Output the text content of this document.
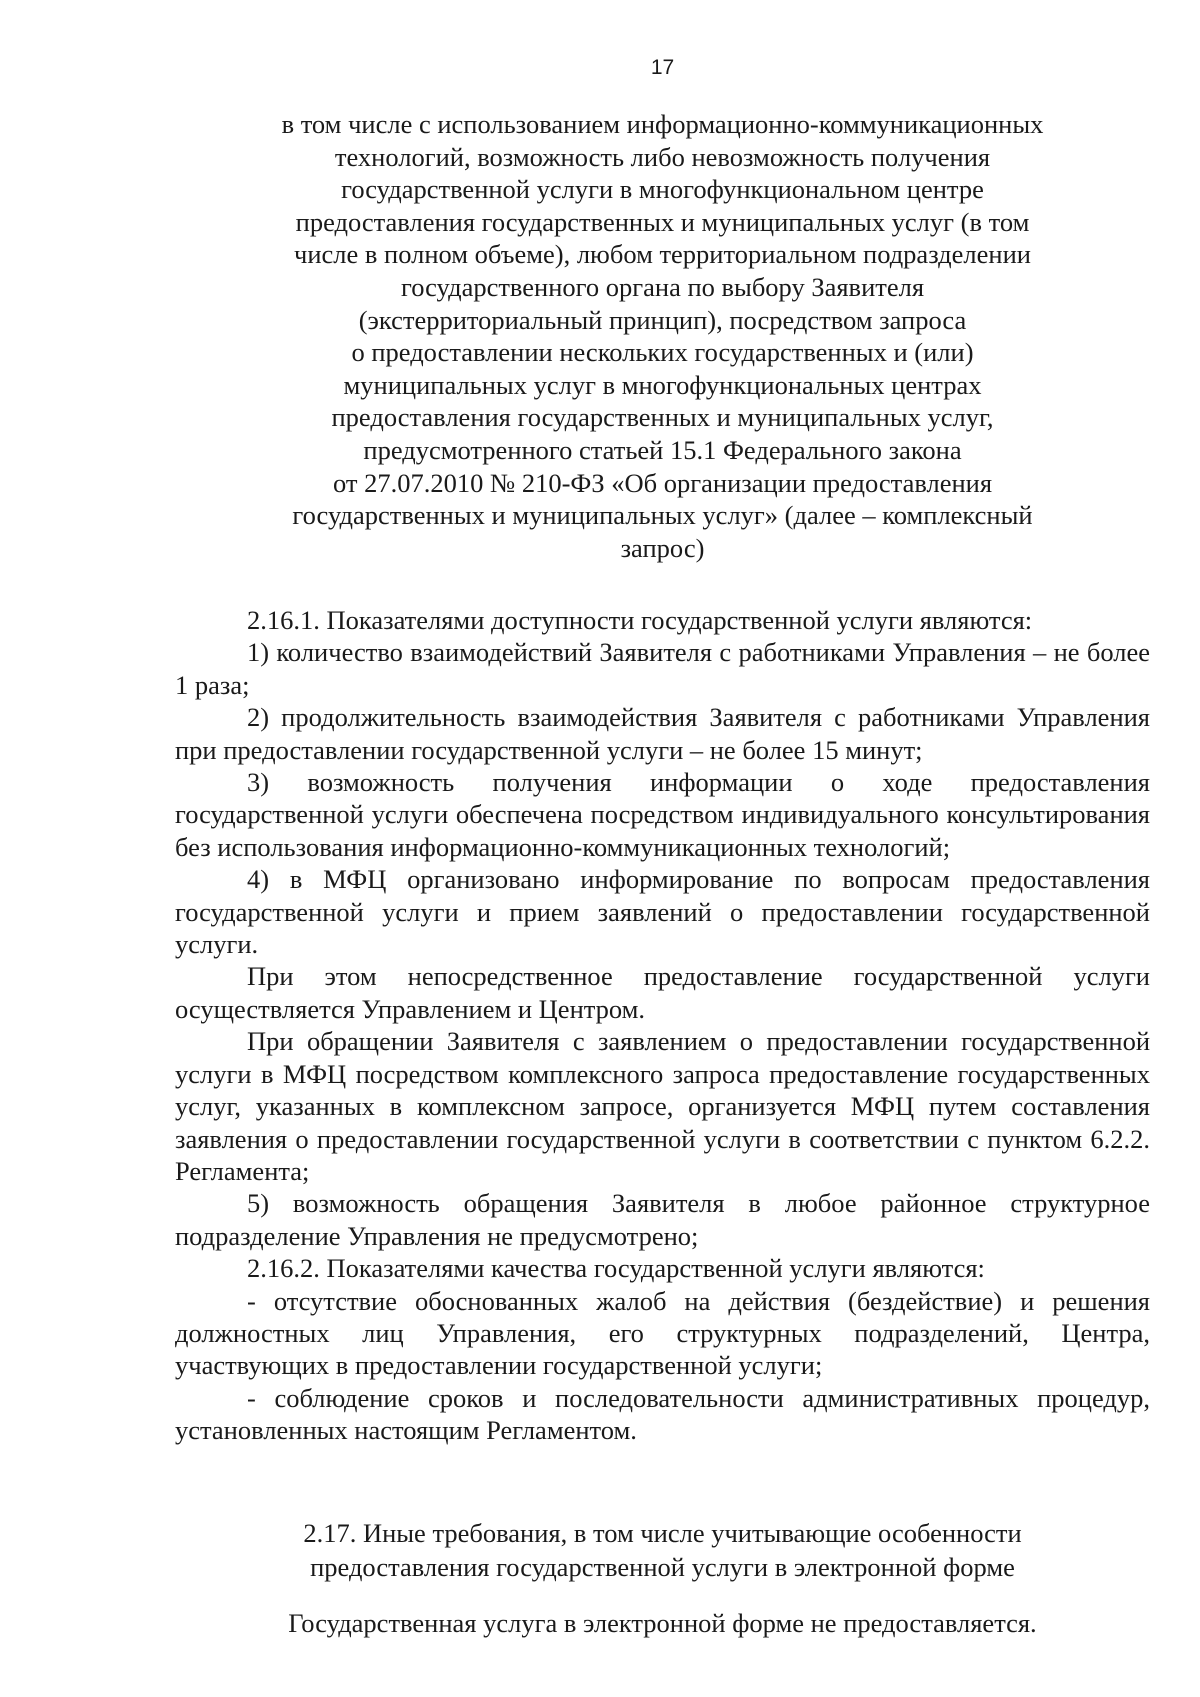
17
в том числе с использованием информационно-коммуникационных
технологий, возможность либо невозможность получения
государственной услуги в многофункциональном центре
предоставления государственных и муниципальных услуг (в том
числе в полном объеме), любом территориальном подразделении
государственного органа по выбору Заявителя
(экстерриториальный принцип), посредством запроса
о предоставлении нескольких государственных и (или)
муниципальных услуг в многофункциональных центрах
предоставления государственных и муниципальных услуг,
предусмотренного статьей 15.1 Федерального закона
от 27.07.2010 № 210-ФЗ «Об организации предоставления
государственных и муниципальных услуг» (далее – комплексный
запрос)

2.16.1. Показателями доступности государственной услуги являются:

1) количество взаимодействий Заявителя с работниками Управления – не более 1 раза;

2) продолжительность взаимодействия Заявителя с работниками Управления при предоставлении государственной услуги – не более 15 минут;

3) возможность получения информации о ходе предоставления государственной услуги обеспечена посредством индивидуального консультирования без использования информационно-коммуникационных технологий;

4) в МФЦ организовано информирование по вопросам предоставления государственной услуги и прием заявлений о предоставлении государственной услуги.

При этом непосредственное предоставление государственной услуги осуществляется Управлением и Центром.

При обращении Заявителя с заявлением о предоставлении государственной услуги в МФЦ посредством комплексного запроса предоставление государственных услуг, указанных в комплексном запросе, организуется МФЦ путем составления заявления о предоставлении государственной услуги в соответствии с пунктом 6.2.2. Регламента;

5) возможность обращения Заявителя в любое районное структурное подразделение Управления не предусмотрено;

2.16.2. Показателями качества государственной услуги являются:

- отсутствие обоснованных жалоб на действия (бездействие) и решения должностных лиц Управления, его структурных подразделений, Центра, участвующих в предоставлении государственной услуги;

- соблюдение сроков и последовательности административных процедур, установленных настоящим Регламентом.

2.17. Иные требования, в том числе учитывающие особенности
предоставления государственной услуги в электронной форме
Государственная услуга в электронной форме не предоставляется.
